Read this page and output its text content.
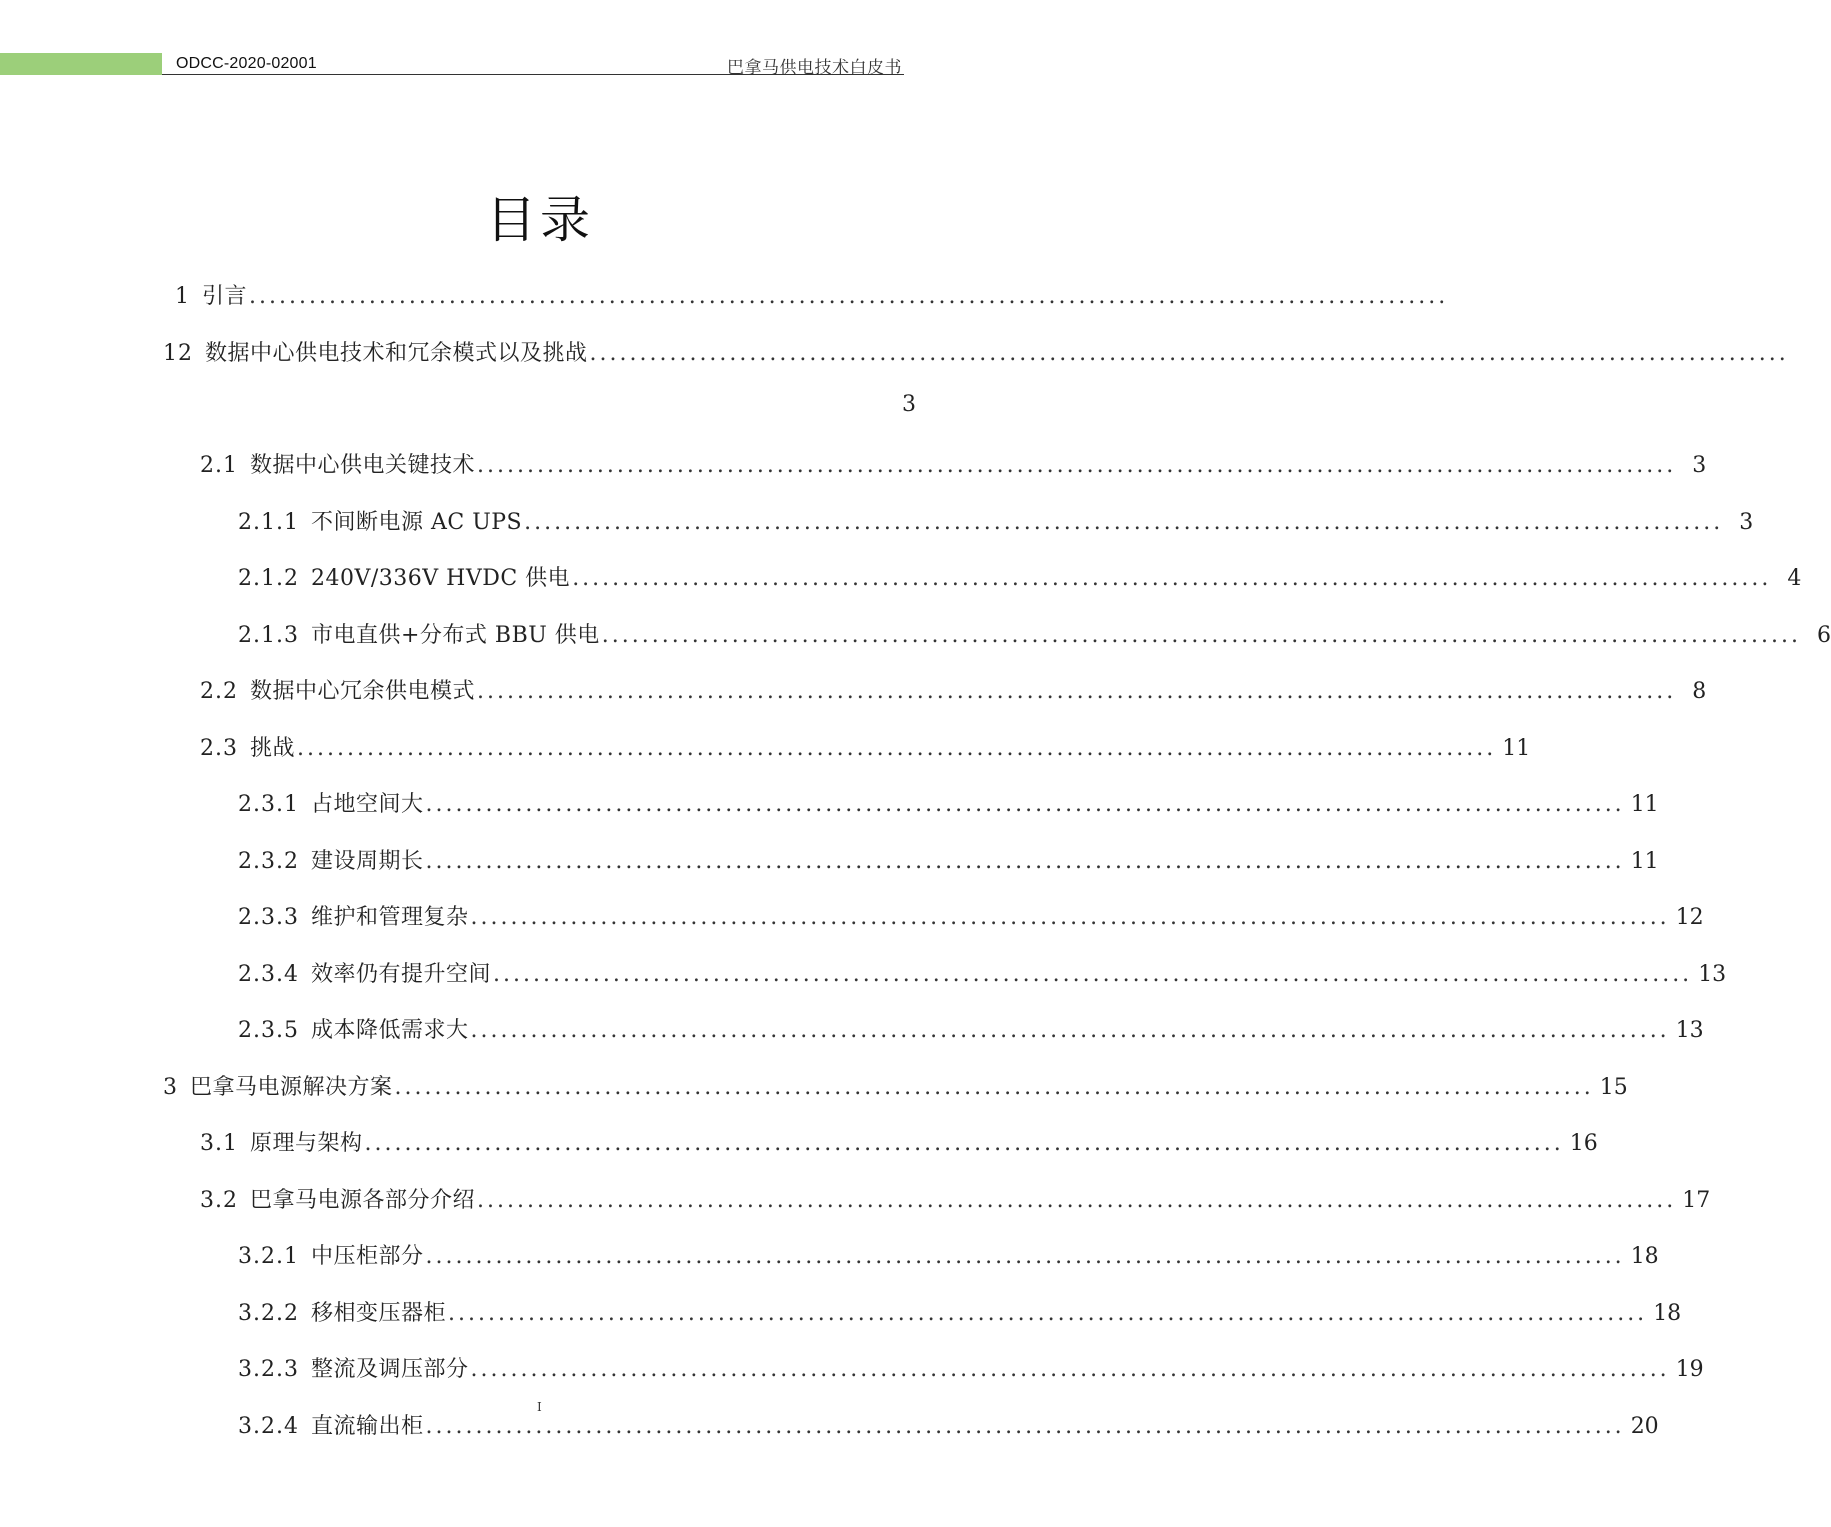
ODCC-2020-02001	巴拿马供电技术白皮书
目录
1 引言 ........................................................................................................................
12 数据中心供电技术和冗余模式以及挑战 ........................................................................................................................
2.1 数据中心供电关键技术 ........................................................................................................................ 3
2.1.1 不间断电源 AC UPS ........................................................................................................................ 3
2.1.2 240V/336V HVDC 供电 ........................................................................................................................ 4
2.1.3 市电直供+分布式 BBU 供电 ........................................................................................................................ 6
2.2 数据中心冗余供电模式 ........................................................................................................................ 8
2.3 挑战 ........................................................................................................................ 11
2.3.1 占地空间大 ........................................................................................................................ 11
2.3.2 建设周期长 ........................................................................................................................ 11
2.3.3 维护和管理复杂 ........................................................................................................................ 12
2.3.4 效率仍有提升空间 ........................................................................................................................ 13
2.3.5 成本降低需求大 ........................................................................................................................ 13
3 巴拿马电源解决方案 ........................................................................................................................ 15
3.1 原理与架构 ........................................................................................................................ 16
3.2 巴拿马电源各部分介绍 ........................................................................................................................ 17
3.2.1 中压柜部分 ........................................................................................................................ 18
3.2.2 移相变压器柜 ........................................................................................................................ 18
3.2.3 整流及调压部分 ........................................................................................................................ 19
3.2.4 直流输出柜 ........................................................................................................................ 20
3
I
